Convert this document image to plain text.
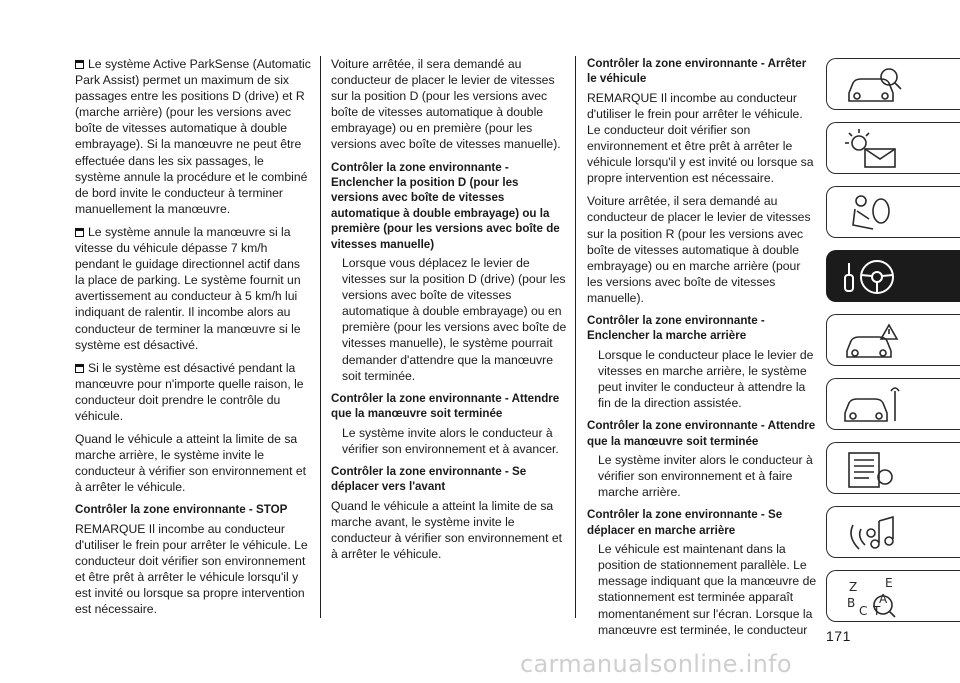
Le système Active ParkSense (Automatic Park Assist) permet un maximum de six passages entre les positions D (drive) et R (marche arrière) (pour les versions avec boîte de vitesses automatique à double embrayage). Si la manœuvre ne peut être effectuée dans les six passages, le système annule la procédure et le combiné de bord invite le conducteur à terminer manuellement la manœuvre.

Le système annule la manœuvre si la vitesse du véhicule dépasse 7 km/h pendant le guidage directionnel actif dans la place de parking. Le système fournit un avertissement au conducteur à 5 km/h lui indiquant de ralentir. Il incombe alors au conducteur de terminer la manœuvre si le système est désactivé.

Si le système est désactivé pendant la manœuvre pour n'importe quelle raison, le conducteur doit prendre le contrôle du véhicule.

Quand le véhicule a atteint la limite de sa marche arrière, le système invite le conducteur à vérifier son environnement et à arrêter le véhicule.

Contrôler la zone environnante - STOP

REMARQUE Il incombe au conducteur d'utiliser le frein pour arrêter le véhicule. Le conducteur doit vérifier son environnement et être prêt à arrêter le véhicule lorsqu'il y est invité ou lorsque sa propre intervention est nécessaire.

Voiture arrêtée, il sera demandé au conducteur de placer le levier de vitesses sur la position D (pour les versions avec boîte de vitesses automatique à double embrayage) ou en première (pour les versions avec boîte de vitesses manuelle).

Contrôler la zone environnante - Enclencher la position D (pour les versions avec boîte de vitesses automatique à double embrayage) ou la première (pour les versions avec boîte de vitesses manuelle)

Lorsque vous déplacez le levier de vitesses sur la position D (drive) (pour les versions avec boîte de vitesses automatique à double embrayage) ou en première (pour les versions avec boîte de vitesses manuelle), le système pourrait demander d'attendre que la manœuvre soit terminée.

Contrôler la zone environnante - Attendre que la manœuvre soit terminée

Le système invite alors le conducteur à vérifier son environnement et à avancer.

Contrôler la zone environnante - Se déplacer vers l'avant

Quand le véhicule a atteint la limite de sa marche avant, le système invite le conducteur à vérifier son environnement et à arrêter le véhicule.

Contrôler la zone environnante - Arrêter le véhicule

REMARQUE Il incombe au conducteur d'utiliser le frein pour arrêter le véhicule. Le conducteur doit vérifier son environnement et être prêt à arrêter le véhicule lorsqu'il y est invité ou lorsque sa propre intervention est nécessaire.

Voiture arrêtée, il sera demandé au conducteur de placer le levier de vitesses sur la position R (pour les versions avec boîte de vitesses automatique à double embrayage) ou en marche arrière (pour les versions avec boîte de vitesses manuelle).

Contrôler la zone environnante - Enclencher la marche arrière

Lorsque le conducteur place le levier de vitesses en marche arrière, le système peut inviter le conducteur à attendre la fin de la direction assistée.

Contrôler la zone environnante - Attendre que la manœuvre soit terminée

Le système inviter alors le conducteur à vérifier son environnement et à faire marche arrière.

Contrôler la zone environnante - Se déplacer en marche arrière

Le véhicule est maintenant dans la position de stationnement parallèle. Le message indiquant que la manœuvre de stationnement est terminée apparaît momentanément sur l'écran. Lorsque la manœuvre est terminée, le conducteur

Z E
B A
C T
171
carmanualsonline.info
